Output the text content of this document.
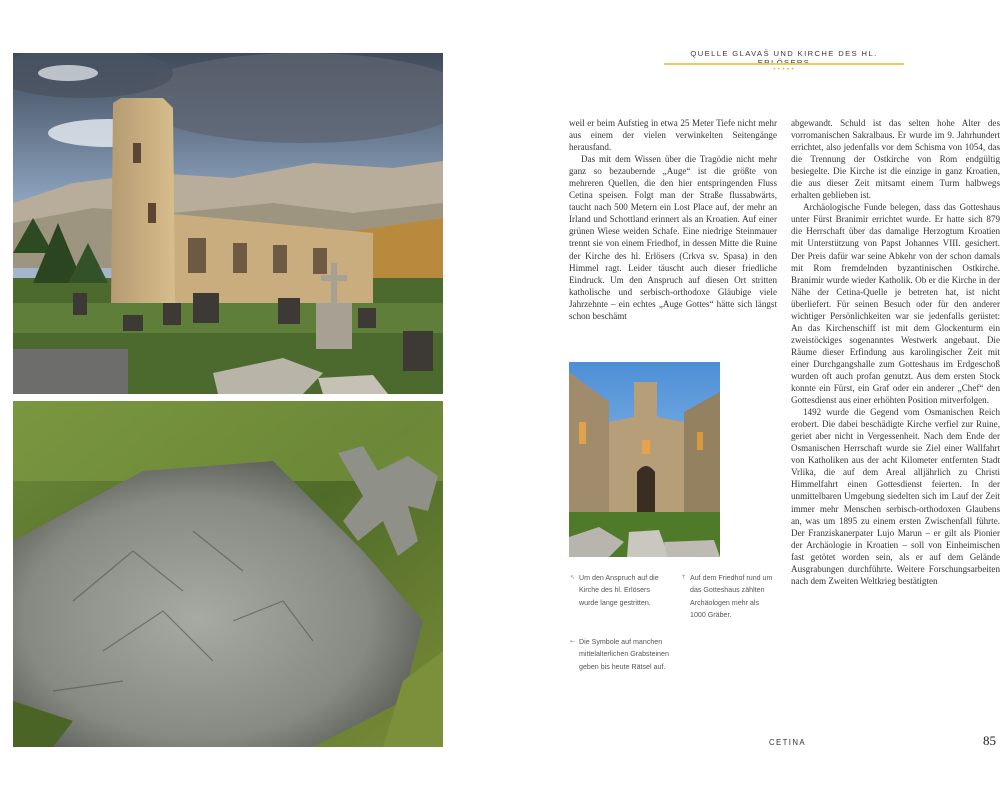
QUELLE GLAVAŠ UND KIRCHE DES HL.
•••••

weil er beim Aufstieg in etwa 25 Meter Tiefe nicht mehr aus einem der vielen verwinkelten Seitengänge herausfand.

Das mit dem Wissen über die Tragödie nicht mehr ganz so bezaubernde „Auge“ ist die größte von mehreren Quellen, die den hier entspringenden Fluss Cetina speisen. Folgt man der Straße flussabwärts, taucht nach 500 Metern ein Lost Place auf, der mehr an Irland und Schottland erinnert als an Kroatien. Auf einer grünen Wiese weiden Schafe. Eine niedrige Steinmauer trennt sie von einem Friedhof, in dessen Mitte die Ruine der Kirche des hl. Erlösers (Crkva sv. Spasa) in den Himmel ragt. Leider täuscht auch dieser friedliche Eindruck. Um den Anspruch auf diesen Ort stritten katholische und serbisch-orthodoxe Gläubige viele Jahrzehnte – ein echtes „Auge Gottes“ hätte sich längst schon beschämt

abgewandt. Schuld ist das selten hohe Alter des vorromanischen Sakralbaus. Er wurde im 9. Jahrhundert errichtet, also jedenfalls vor dem Schisma von 1054, das die Trennung der Ostkirche von Rom endgültig besiegelte. Die Kirche ist die einzige in ganz Kroatien, die aus dieser Zeit mitsamt einem Turm halbwegs erhalten geblieben ist.

Archäologische Funde belegen, dass das Gotteshaus unter Fürst Branimir errichtet wurde. Er hatte sich 879 die Herrschaft über das damalige Herzogtum Kroatien mit Unterstützung von Papst Johannes VIII. gesichert. Der Preis dafür war seine Abkehr von der schon damals mit Rom fremdelnden byzantinischen Ostkirche. Branimir wurde wieder Katholik. Ob er die Kirche in der Nähe der Cetina-Quelle je betreten hat, ist nicht überliefert. Für seinen Besuch oder für den anderer wichtiger Persönlichkeiten war sie jedenfalls gerüstet: An das Kirchenschiff ist mit dem Glockenturm ein zweistöckiges sogenanntes Westwerk angebaut. Die Räume dieser Erfindung aus karolingischer Zeit mit einer Durchgangshalle zum Gotteshaus im Erdgeschoß wurden oft auch profan genutzt. Aus dem ersten Stock konnte ein Fürst, ein Graf oder ein anderer „Chef“ den Gottesdienst aus einer erhöhten Position mitverfolgen.

1492 wurde die Gegend vom Osmanischen Reich erobert. Die dabei beschädigte Kirche verfiel zur Ruine, geriet aber nicht in Vergessenheit. Nach dem Ende der Osmanischen Herrschaft wurde sie Ziel einer Wallfahrt von Katholiken aus der acht Kilometer entfernten Stadt Vrlika, die auf dem Areal alljährlich zu Christi Himmelfahrt einen Gottesdienst feierten. In der unmittelbaren Umgebung siedelten sich im Lauf der Zeit immer mehr Menschen serbisch-orthodoxen Glaubens an, was um 1895 zu einem ersten Zwischenfall führte. Der Franziskanerpater Lujo Marun – er gilt als Pionier der Archäologie in Kroatien – soll von Einheimischen fast getötet worden sein, als er auf dem Gelände Ausgrabungen durchführte. Weitere Forschungsarbeiten nach dem Zweiten Weltkrieg bestätigten

↖ Um den Anspruch auf die Kirche des hl. Erlösers wurde lange gestritten.
↑ Auf dem Friedhof rund um das Gotteshaus zählten Archäologen mehr als 1000 Gräber.
← Die Symbole auf manchen mittelalterlichen Grabsteinen geben bis heute Rätsel auf.
CETINA	85
